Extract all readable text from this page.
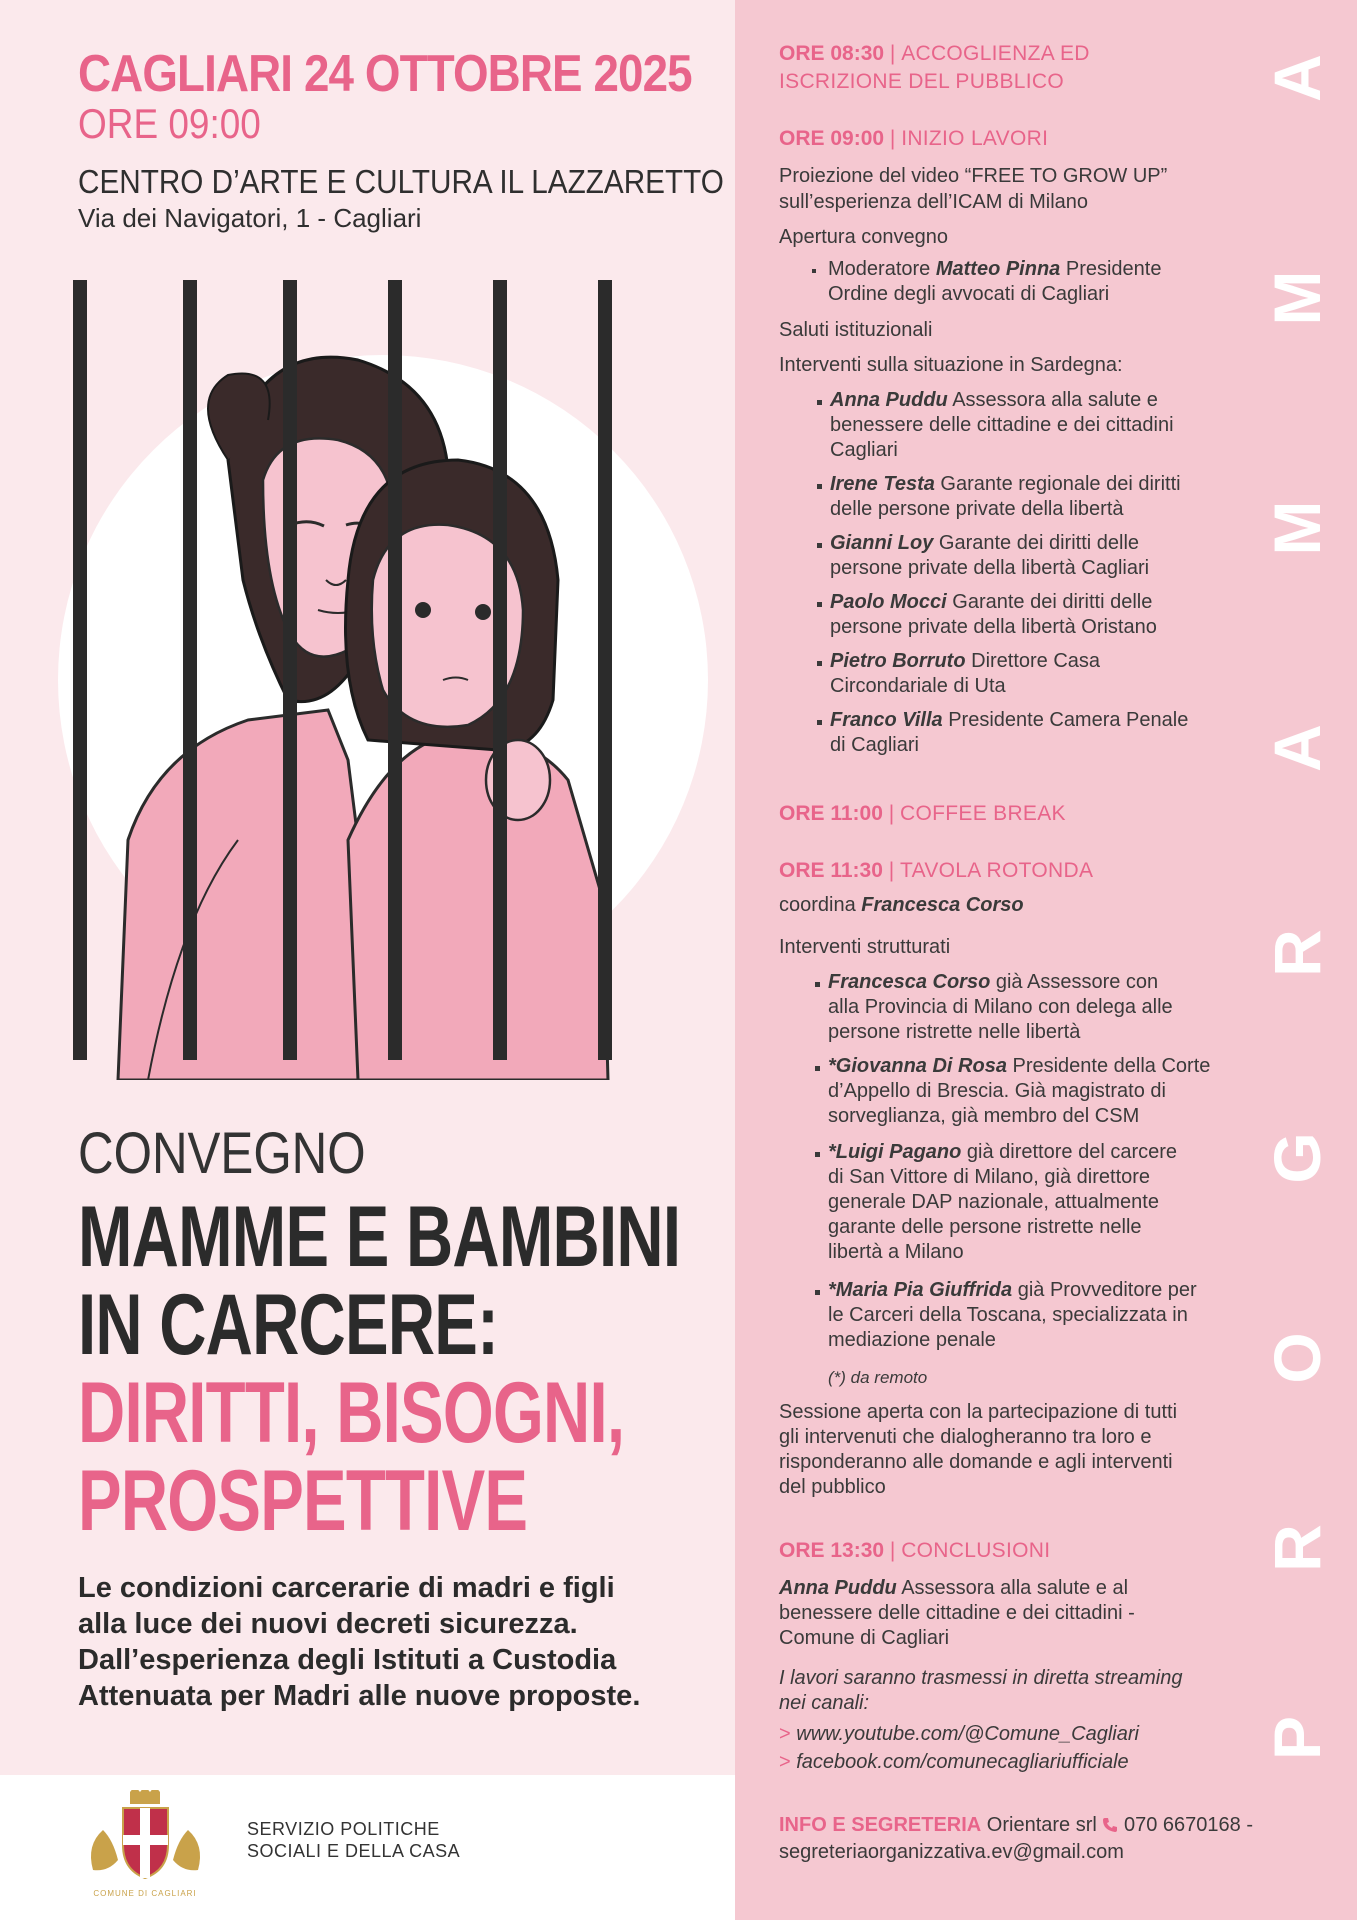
CAGLIARI 24 OTTOBRE 2025
ORE 09:00
CENTRO D’ARTE E CULTURA IL LAZZARETTO
Via dei Navigatori, 1 - Cagliari
CONVEGNO
MAMME E BAMBINI
IN CARCERE:
DIRITTI, BISOGNI,
PROSPETTIVE
Le condizioni carcerarie di madri e figli
alla luce dei nuovi decreti sicurezza.
Dall’esperienza degli Istituti a Custodia
Attenuata per Madri alle nuove proposte.
COMUNE DI CAGLIARI
SERVIZIO POLITICHE
SOCIALI E DELLA CASA
P
R
O
G
R
A
M
M
A
ORE 08:30 | ACCOGLIENZA ED
ISCRIZIONE DEL PUBBLICO
ORE 09:00 | INIZIO LAVORI
Proiezione del video “FREE TO GROW UP”
sull’esperienza dell’ICAM di Milano
Apertura convegno
Moderatore Matteo Pinna Presidente
Ordine degli avvocati di Cagliari
Saluti istituzionali
Interventi sulla situazione in Sardegna:
Anna Puddu Assessora alla salute e
benessere delle cittadine e dei cittadini
Cagliari
Irene Testa Garante regionale dei diritti
delle persone private della libertà
Gianni Loy Garante dei diritti delle
persone private della libertà Cagliari
Paolo Mocci Garante dei diritti delle
persone private della libertà Oristano
Pietro Borruto Direttore Casa
Circondariale di Uta
Franco Villa Presidente Camera Penale
di Cagliari
ORE 11:00 | COFFEE BREAK
ORE 11:30 | TAVOLA ROTONDA
coordina Francesca Corso
Interventi strutturati
Francesca Corso già Assessore con
alla Provincia di Milano con delega alle
persone ristrette nelle libertà
*Giovanna Di Rosa Presidente della Corte
d’Appello di Brescia. Già magistrato di
sorveglianza, già membro del CSM
*Luigi Pagano già direttore del carcere
di San Vittore di Milano, già direttore
generale DAP nazionale, attualmente
garante delle persone ristrette nelle
libertà a Milano
*Maria Pia Giuffrida già Provveditore per
le Carceri della Toscana, specializzata in
mediazione penale
(*) da remoto
Sessione aperta con la partecipazione di tutti
gli intervenuti che dialogheranno tra loro e
risponderanno alle domande e agli interventi
del pubblico
ORE 13:30 | CONCLUSIONI
Anna Puddu Assessora alla salute e al
benessere delle cittadine e dei cittadini -
Comune di Cagliari
I lavori saranno trasmessi in diretta streaming
nei canali:
> www.youtube.com/@Comune_Cagliari
> facebook.com/comunecagliariufficiale
INFO E SEGRETERIA Orientare srl  070 6670168 -
segreteriaorganizzativa.ev@gmail.com
